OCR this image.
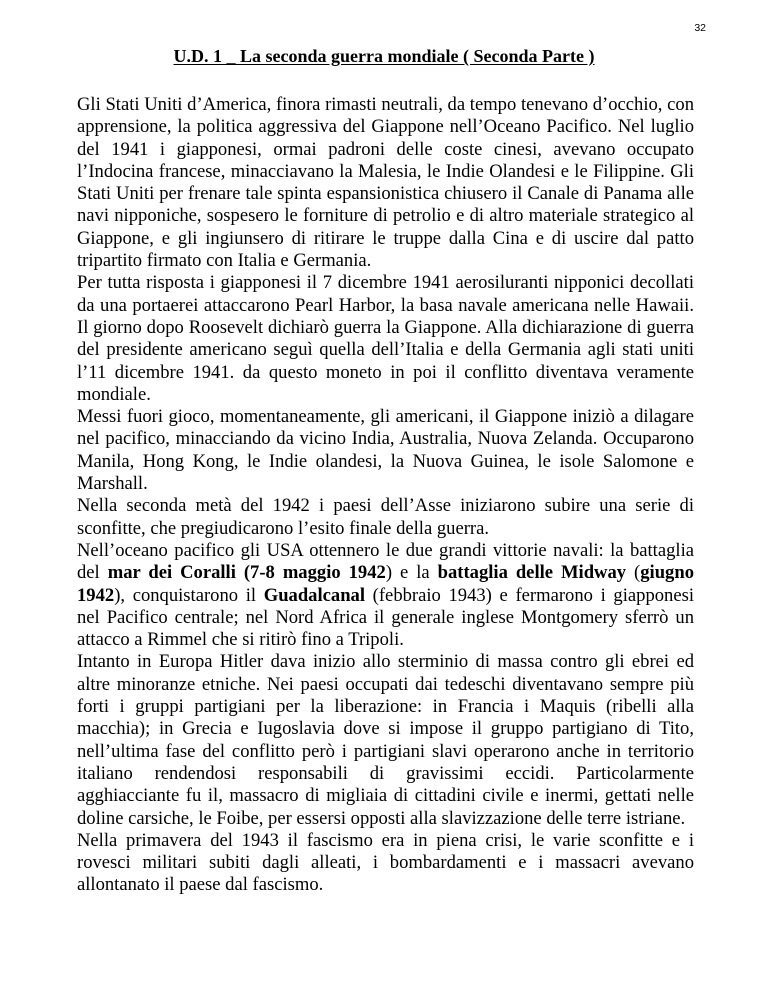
32
U.D. 1 _ La seconda guerra mondiale ( Seconda Parte )

Gli Stati Uniti d’America, finora rimasti neutrali, da tempo tenevano d’occhio, con apprensione, la politica aggressiva del Giappone nell’Oceano Pacifico. Nel luglio del 1941 i giapponesi, ormai padroni delle coste cinesi, avevano occupato l’Indocina francese, minacciavano la Malesia, le Indie Olandesi e le Filippine. Gli Stati Uniti per frenare tale spinta espansionistica chiusero il Canale di Panama alle navi nipponiche, sospesero le forniture di petrolio e di altro materiale strategico al Giappone, e gli ingiunsero di ritirare le truppe dalla Cina e di uscire dal patto tripartito firmato con Italia e Germania.

Per tutta risposta i giapponesi il 7 dicembre 1941 aerosiluranti nipponici decollati da una portaerei attaccarono Pearl Harbor, la basa navale americana nelle Hawaii. Il giorno dopo Roosevelt dichiarò guerra la Giappone. Alla dichiarazione di guerra del presidente americano seguì quella dell’Italia e della Germania agli stati uniti l’11 dicembre 1941. da questo moneto in poi il conflitto diventava veramente mondiale.

Messi fuori gioco, momentaneamente, gli americani, il Giappone iniziò a dilagare nel pacifico, minacciando da vicino India, Australia, Nuova Zelanda. Occuparono Manila, Hong Kong, le Indie olandesi, la Nuova Guinea, le isole Salomone e Marshall.

Nella seconda metà del 1942 i paesi dell’Asse iniziarono subire una serie di sconfitte, che pregiudicarono l’esito finale della guerra.

Nell’oceano pacifico gli USA ottennero le due grandi vittorie navali: la battaglia del mar dei Coralli (7-8 maggio 1942) e la battaglia delle Midway (giugno 1942), conquistarono il Guadalcanal (febbraio 1943) e fermarono i giapponesi nel Pacifico centrale; nel Nord Africa il generale inglese Montgomery sferrò un attacco a Rimmel che si ritirò fino a Tripoli.

Intanto in Europa Hitler dava inizio allo sterminio di massa contro gli ebrei ed altre minoranze etniche. Nei paesi occupati dai tedeschi diventavano sempre più forti i gruppi partigiani per la liberazione: in Francia i Maquis (ribelli alla macchia); in Grecia e Iugoslavia dove si impose il gruppo partigiano di Tito, nell’ultima fase del conflitto però i partigiani slavi operarono anche in territorio italiano rendendosi responsabili di gravissimi eccidi. Particolarmente agghiacciante fu il, massacro di migliaia di cittadini civile e inermi, gettati nelle doline carsiche, le Foibe, per essersi opposti alla slavizzazione delle terre istriane.

Nella primavera del 1943 il fascismo era in piena crisi, le varie sconfitte e i rovesci militari subiti dagli alleati, i bombardamenti e i massacri avevano allontanato il paese dal fascismo.
